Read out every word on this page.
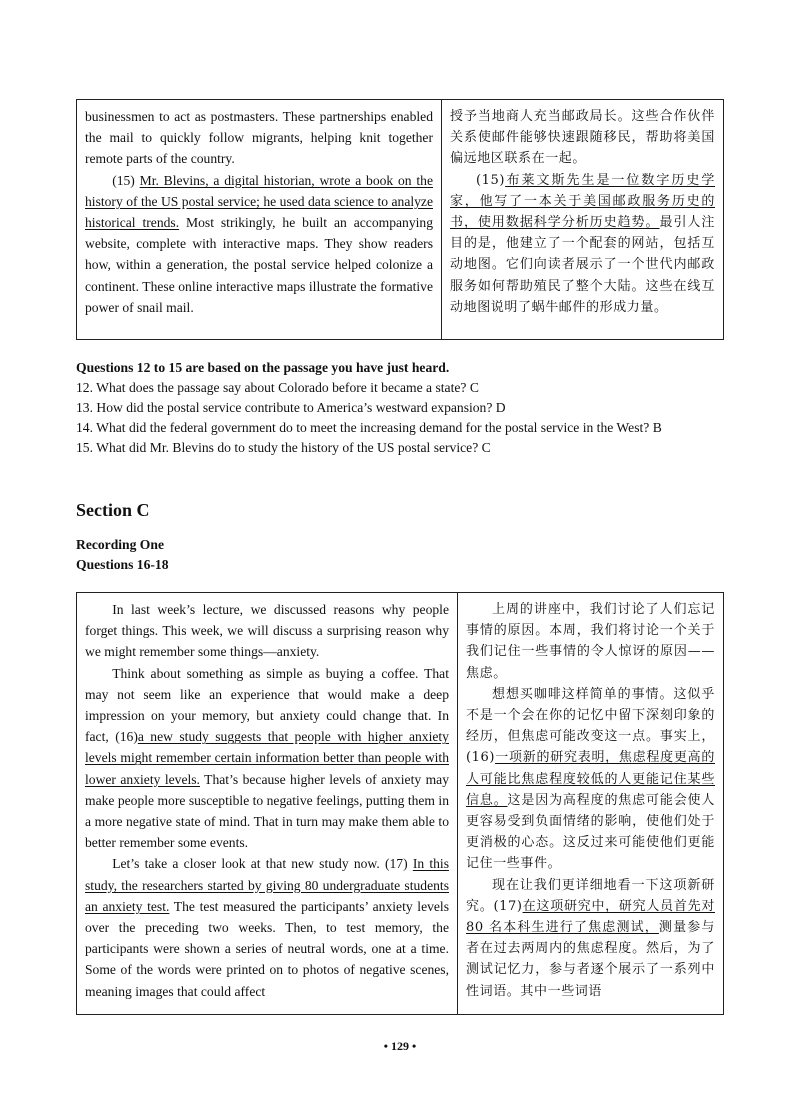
businessmen to act as postmasters. These partnerships enabled the mail to quickly follow migrants, helping knit together remote parts of the country.

(15) Mr. Blevins, a digital historian, wrote a book on the history of the US postal service; he used data science to analyze historical trends. Most strikingly, he built an accompanying website, complete with interactive maps. They show readers how, within a generation, the postal service helped colonize a continent. These online interactive maps illustrate the formative power of snail mail.

授予当地商人充当邮政局长。这些合作伙伴关系使邮件能够快速跟随移民，帮助将美国偏远地区联系在一起。

(15)布莱文斯先生是一位数字历史学家，他写了一本关于美国邮政服务历史的书，使用数据科学分析历史趋势。最引人注目的是，他建立了一个配套的网站，包括互动地图。它们向读者展示了一个世代内邮政服务如何帮助殖民了整个大陆。这些在线互动地图说明了蜗牛邮件的形成力量。

Questions 12 to 15 are based on the passage you have just heard.
12. What does the passage say about Colorado before it became a state? C
13. How did the postal service contribute to America’s westward expansion? D
14. What did the federal government do to meet the increasing demand for the postal service in the West? B
15. What did Mr. Blevins do to study the history of the US postal service? C
Section C
Recording One
Questions 16-18

In last week’s lecture, we discussed reasons why people forget things. This week, we will discuss a surprising reason why we might remember some things—anxiety.

Think about something as simple as buying a coffee. That may not seem like an experience that would make a deep impression on your memory, but anxiety could change that. In fact, (16)a new study suggests that people with higher anxiety levels might remember certain information better than people with lower anxiety levels. That’s because higher levels of anxiety may make people more susceptible to negative feelings, putting them in a more negative state of mind. That in turn may make them able to better remember some events.

Let’s take a closer look at that new study now. (17) In this study, the researchers started by giving 80 undergraduate students an anxiety test. The test measured the participants’ anxiety levels over the preceding two weeks. Then, to test memory, the participants were shown a series of neutral words, one at a time. Some of the words were printed on to photos of negative scenes, meaning images that could affect

上周的讲座中，我们讨论了人们忘记事情的原因。本周，我们将讨论一个关于我们记住一些事情的令人惊讶的原因——焦虑。

想想买咖啡这样简单的事情。这似乎不是一个会在你的记忆中留下深刻印象的经历，但焦虑可能改变这一点。事实上，(16)一项新的研究表明，焦虑程度更高的人可能比焦虑程度较低的人更能记住某些信息。这是因为高程度的焦虑可能会使人更容易受到负面情绪的影响，使他们处于更消极的心态。这反过来可能使他们更能记住一些事件。

现在让我们更详细地看一下这项新研究。(17)在这项研究中，研究人员首先对 80 名本科生进行了焦虑测试，测量参与者在过去两周内的焦虑程度。然后，为了测试记忆力，参与者逐个展示了一系列中性词语。其中一些词语

• 129 •
